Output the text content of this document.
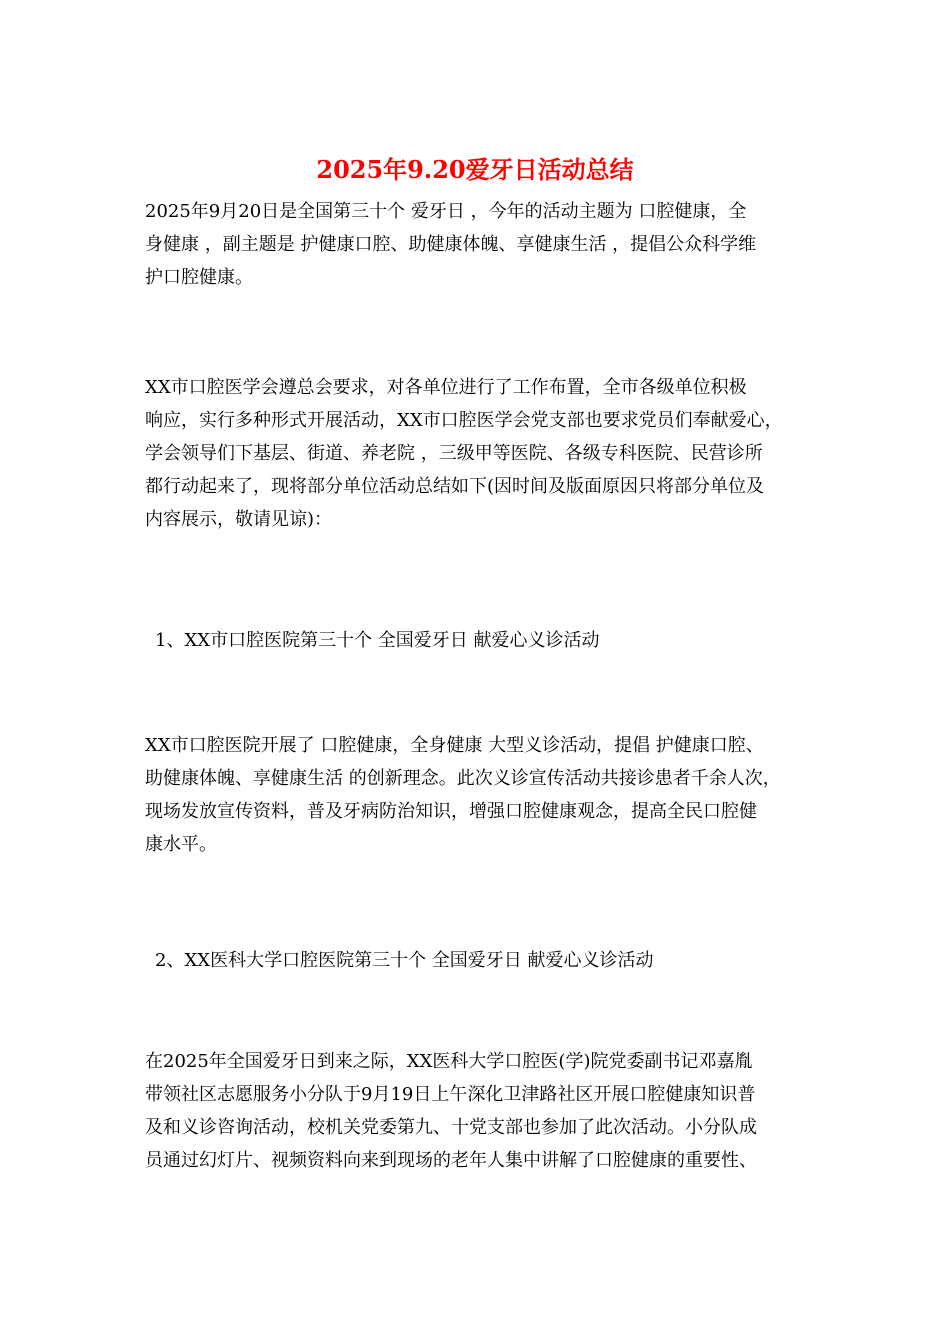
2025年9.20爱牙日活动总结

2025年9月20日是全国第三十个 爱牙日 ，今年的活动主题为 口腔健康，全
身健康 ，副主题是 护健康口腔、助健康体魄、享健康生活 ，提倡公众科学维
护口腔健康。

XX市口腔医学会遵总会要求，对各单位进行了工作布置，全市各级单位积极
响应，实行多种形式开展活动，XX市口腔医学会党支部也要求党员们奉献爱心，
学会领导们下基层、街道、养老院 ，三级甲等医院、各级专科医院、民营诊所
都行动起来了，现将部分单位活动总结如下(因时间及版面原因只将部分单位及
内容展示，敬请见谅)：

1、XX市口腔医院第三十个 全国爱牙日 献爱心义诊活动

XX市口腔医院开展了 口腔健康，全身健康 大型义诊活动，提倡 护健康口腔、
助健康体魄、享健康生活 的创新理念。此次义诊宣传活动共接诊患者千余人次，
现场发放宣传资料，普及牙病防治知识，增强口腔健康观念，提高全民口腔健
康水平。

2、XX医科大学口腔医院第三十个 全国爱牙日 献爱心义诊活动

在2025年全国爱牙日到来之际，XX医科大学口腔医(学)院党委副书记邓嘉胤
带领社区志愿服务小分队于9月19日上午深化卫津路社区开展口腔健康知识普
及和义诊咨询活动，校机关党委第九、十党支部也参加了此次活动。小分队成
员通过幻灯片、视频资料向来到现场的老年人集中讲解了口腔健康的重要性、
